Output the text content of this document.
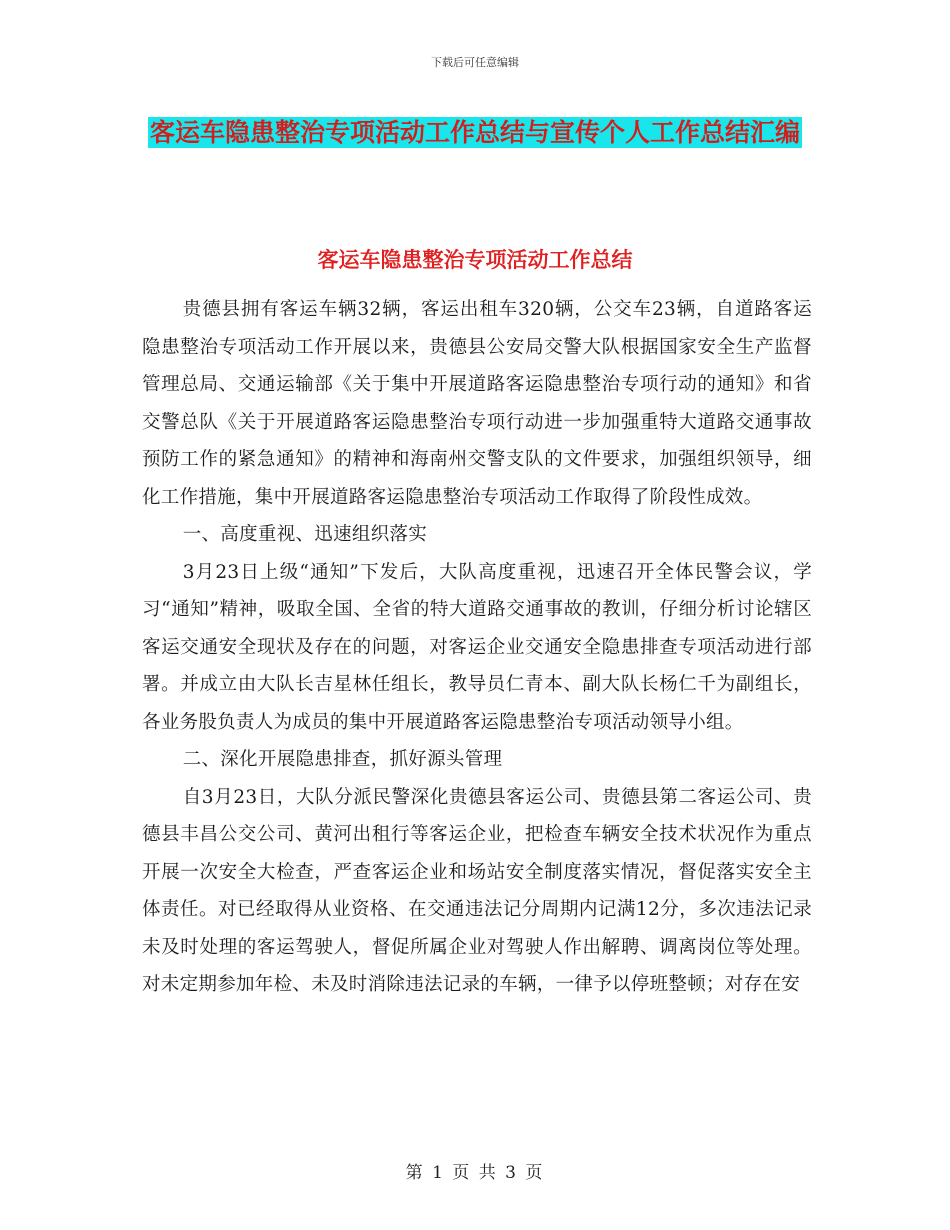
下载后可任意编辑
客运车隐患整治专项活动工作总结与宣传个人工作总结汇编
客运车隐患整治专项活动工作总结

贵德县拥有客运车辆32辆，客运出租车320辆，公交车23辆，自道路客运隐患整治专项活动工作开展以来，贵德县公安局交警大队根据国家安全生产监督管理总局、交通运输部《关于集中开展道路客运隐患整治专项行动的通知》和省交警总队《关于开展道路客运隐患整治专项行动进一步加强重特大道路交通事故预防工作的紧急通知》的精神和海南州交警支队的文件要求，加强组织领导，细化工作措施，集中开展道路客运隐患整治专项活动工作取得了阶段性成效。

一、高度重视、迅速组织落实

3月23日上级“通知”下发后，大队高度重视，迅速召开全体民警会议，学习“通知”精神，吸取全国、全省的特大道路交通事故的教训，仔细分析讨论辖区客运交通安全现状及存在的问题，对客运企业交通安全隐患排查专项活动进行部署。并成立由大队长吉星林任组长，教导员仁青本、副大队长杨仁千为副组长，各业务股负责人为成员的集中开展道路客运隐患整治专项活动领导小组。

二、深化开展隐患排查，抓好源头管理

自3月23日，大队分派民警深化贵德县客运公司、贵德县第二客运公司、贵德县丰昌公交公司、黄河出租行等客运企业，把检查车辆安全技术状况作为重点开展一次安全大检查，严查客运企业和场站安全制度落实情况，督促落实安全主体责任。对已经取得从业资格、在交通违法记分周期内记满12分，多次违法记录未及时处理的客运驾驶人，督促所属企业对驾驶人作出解聘、调离岗位等处理。对未定期参加年检、未及时消除违法记录的车辆，一律予以停班整顿；对存在安

第 1 页 共 3 页
